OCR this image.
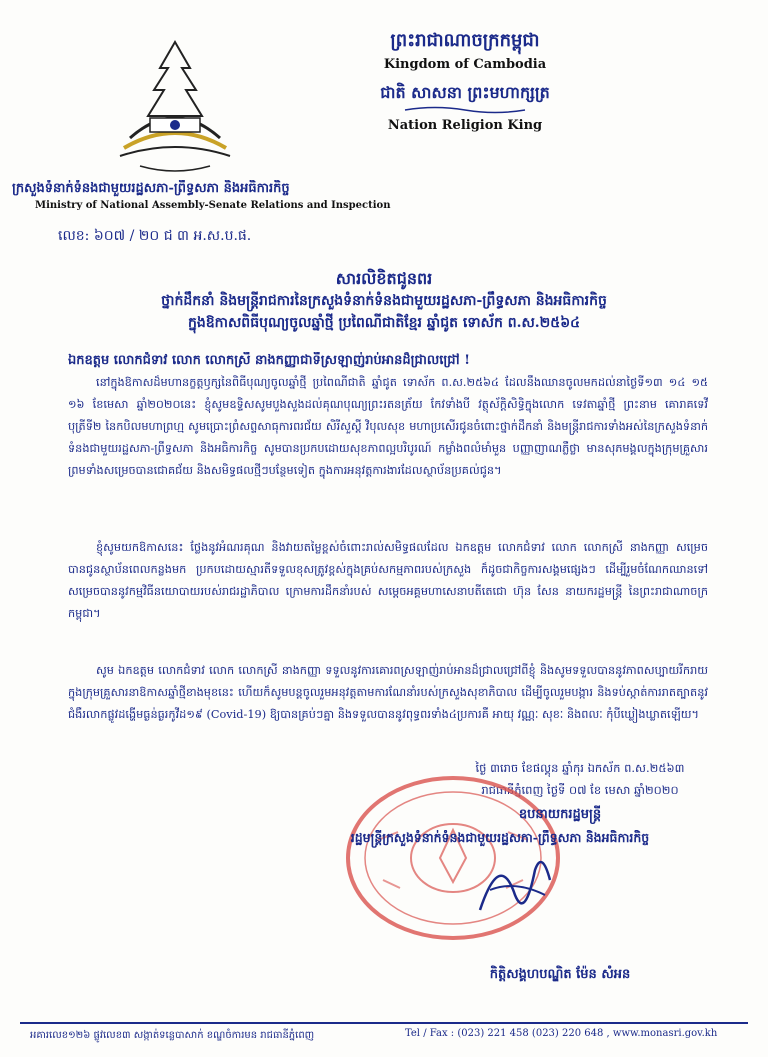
ក្រសួងទំនាក់ទំនងជាមួយរដ្ឋសភា-ព្រឹទ្ធសភា និងអធិការកិច្ច
Ministry of National Assembly-Senate Relations and Inspection
ព្រះរាជាណាចក្រកម្ពុជា
Kingdom of Cambodia
ជាតិ សាសនា ព្រះមហាក្សត្រ
Nation Religion King
លេខ: ៦០៧ / ២០ ជ ៣ អ.ស.ប.ផ.
សារលិខិតជូនពរ
ថ្នាក់ដឹកនាំ និងមន្ត្រីរាជការនៃក្រសួងទំនាក់ទំនងជាមួយរដ្ឋសភា-ព្រឹទ្ធសភា និងអធិការកិច្ច
ក្នុងឱកាសពិធីបុណ្យចូលឆ្នាំថ្មី ប្រពៃណីជាតិខ្មែរ ឆ្នាំជូត ទោស័ក ព.ស.២៥៦៤
ឯកឧត្តម លោកជំទាវ លោក លោកស្រី នាងកញ្ញាជាទីស្រឡាញ់រាប់អានដ៏ជ្រាលជ្រៅ !
នៅក្នុងឱកាសដ៏មហានក្ខត្តឫក្សនៃពិធីបុណ្យចូលឆ្នាំថ្មី ប្រពៃណីជាតិ ឆ្នាំជូត ទោស័ក ព.ស.២៥៦៤ ដែលនឹងឈានចូលមកដល់នាថ្ងៃទី១៣ ១៤ ១៥ ១៦ ខែមេសា ឆ្នាំ២០២០នេះ ខ្ញុំសូមឧទ្ទិសសូមបួងសួងដល់គុណបុណ្យព្រះរតនត្រ័យ កែវទាំងបី វត្ថុស័ក្តិសិទ្ធិក្នុងលោក ទេវតាឆ្នាំថ្មី ព្រះនាម គោរាគទេវី បុត្រីទី២ នៃកបិលមហាព្រហ្ម សូមប្រោះព្រំសព្ទសាធុការពរជ័យ សិរីសួស្តី វិបុលសុខ មហាប្រសើរជូនចំពោះថ្នាក់ដឹកនាំ និងមន្ត្រីរាជការទាំងអស់នៃក្រសួងទំនាក់ទំនងជាមួយរដ្ឋសភា-ព្រឹទ្ធសភា និងអធិការកិច្ច សូមបានប្រកបដោយសុខភាពល្អបរិបូរណ៍ កម្លាំងពលំមាំមួន បញ្ញាញាណភ្លឺថ្លា មានសុភមង្គលក្នុងក្រុមគ្រួសារ ព្រមទាំងសម្រេចបានជោគជ័យ និងសមិទ្ធផលថ្មីៗបន្ថែមទៀត ក្នុងការអនុវត្តការងារដែលស្ថាប័នប្រគល់ជូន។
ខ្ញុំសូមយកឱកាសនេះ ថ្លែងនូវអំណរគុណ និងវាយតម្លៃខ្ពស់ចំពោះរាល់សមិទ្ធផលដែល ឯកឧត្តម លោកជំទាវ លោក លោកស្រី នាងកញ្ញា សម្រេចបានជូនស្ថាប័នពេលកន្លងមក ប្រកបដោយស្មារតីទទួលខុសត្រូវខ្ពស់ក្នុងគ្រប់សកម្មភាពរបស់ក្រសួង ក៏ដូចជាកិច្ចការសង្គមផ្សេងៗ ដើម្បីរួមចំណែកឈានទៅសម្រេចបាននូវកម្មវិធីនយោបាយរបស់រាជរដ្ឋាភិបាល ក្រោមការដឹកនាំរបស់ សម្តេចអគ្គមហាសេនាបតីតេជោ ហ៊ុន សែន នាយករដ្ឋមន្ត្រី នៃព្រះរាជាណាចក្រកម្ពុជា។
សូម ឯកឧត្តម លោកជំទាវ លោក លោកស្រី នាងកញ្ញា ទទួលនូវការគោរពស្រឡាញ់រាប់អានដ៏ជ្រាលជ្រៅពីខ្ញុំ និងសូមទទួលបាននូវភាពសប្បាយរីករាយក្នុងក្រុមគ្រួសារនាឱកាសឆ្នាំថ្មីខាងមុខនេះ ហើយក៏សូមបន្តចូលរួមអនុវត្តតាមការណែនាំរបស់ក្រសួងសុខាភិបាល ដើម្បីចូលរួមបង្ការ និងទប់ស្កាត់ការរាតត្បាតនូវជំងឺរលាកផ្លូវដង្ហើមធ្ងន់ធ្ងរកូវីដ១៩ (Covid-19) ឱ្យបានគ្រប់ៗគ្នា និងទទួលបាននូវពុទ្ធពរទាំង៤ប្រការគឺ អាយុ វណ្ណៈ សុខៈ និងពលៈ កុំបីឃ្លៀងឃ្លាតឡើយ។
ថ្ងៃ ៣រោច ខែផល្គុន ឆ្នាំកុរ ឯកស័ក ព.ស.២៥៦៣
រាជធានីភ្នំពេញ ថ្ងៃទី ០៧ ខែ មេសា ឆ្នាំ២០២០
ឧបនាយករដ្ឋមន្ត្រី
រដ្ឋមន្ត្រីក្រសួងទំនាក់ទំនងជាមួយរដ្ឋសភា-ព្រឹទ្ធសភា និងអធិការកិច្ច
កិត្តិសង្គហបណ្ឌិត ម៉ែន សំអន
អគារលេខ១២៦ ផ្លូវលេខ៣ សង្កាត់ទន្លេបាសាក់ ខណ្ឌចំការមន រាជធានីភ្នំពេញ	Tel / Fax : (023) 221 458 (023) 220 648 , www.monasri.gov.kh
